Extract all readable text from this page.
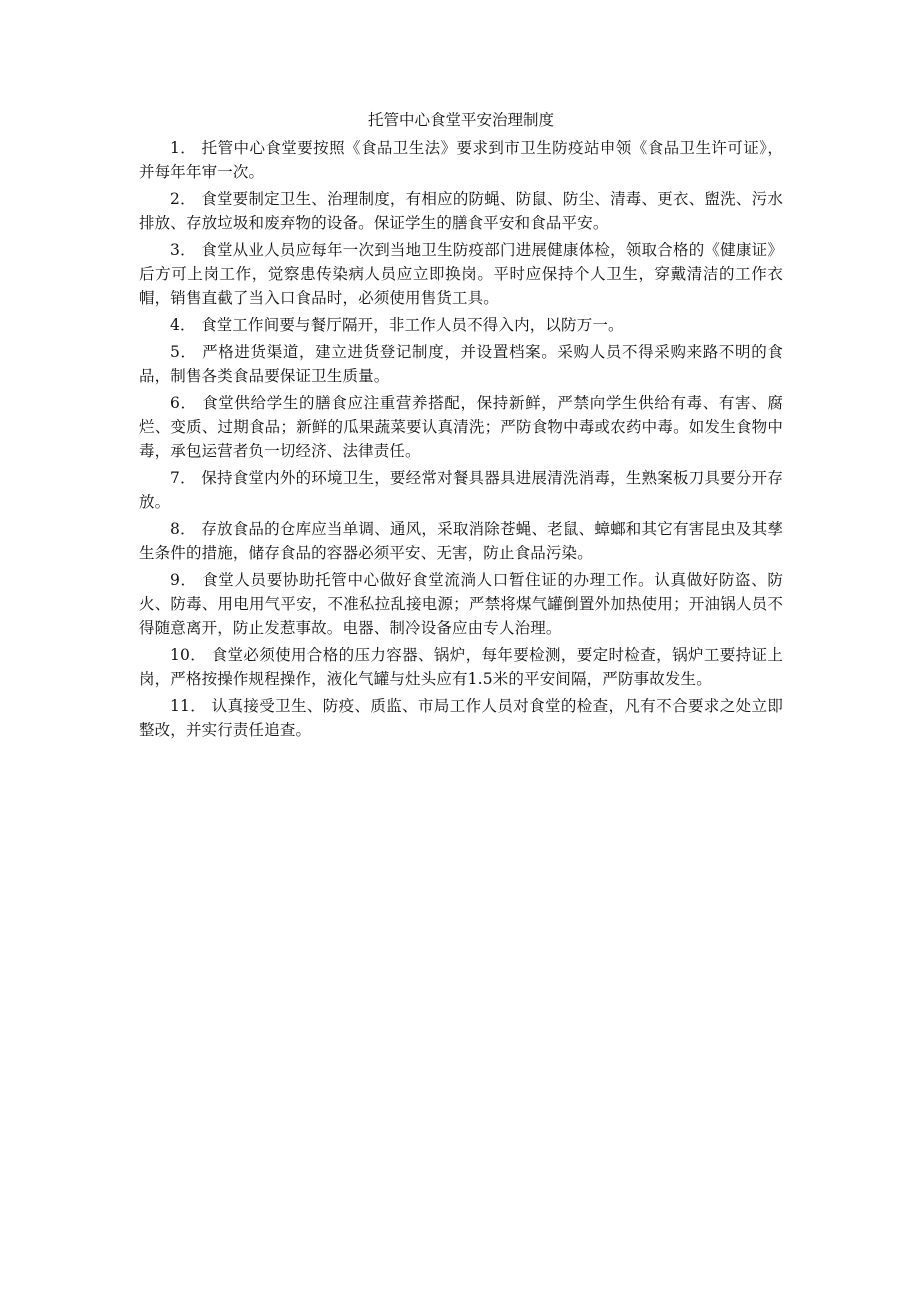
托管中心食堂平安治理制度

1． 托管中心食堂要按照《食品卫生法》要求到市卫生防疫站申领《食品卫生许可证》，并每年年审一次。

2． 食堂要制定卫生、治理制度，有相应的防蝇、防鼠、防尘、清毒、更衣、盥洗、污水排放、存放垃圾和废弃物的设备。保证学生的膳食平安和食品平安。

3． 食堂从业人员应每年一次到当地卫生防疫部门进展健康体检，领取合格的《健康证》后方可上岗工作，觉察患传染病人员应立即换岗。平时应保持个人卫生，穿戴清洁的工作衣帽，销售直截了当入口食品时，必须使用售货工具。

4． 食堂工作间要与餐厅隔开，非工作人员不得入内，以防万一。

5． 严格进货渠道，建立进货登记制度，并设置档案。采购人员不得采购来路不明的食品，制售各类食品要保证卫生质量。

6． 食堂供给学生的膳食应注重营养搭配，保持新鲜，严禁向学生供给有毒、有害、腐烂、变质、过期食品；新鲜的瓜果蔬菜要认真清洗；严防食物中毒或农药中毒。如发生食物中毒，承包运营者负一切经济、法律责任。

7． 保持食堂内外的环境卫生，要经常对餐具器具进展清洗消毒，生熟案板刀具要分开存放。

8． 存放食品的仓库应当单调、通风，采取消除苍蝇、老鼠、蟑螂和其它有害昆虫及其孳生条件的措施，储存食品的容器必须平安、无害，防止食品污染。

9． 食堂人员要协助托管中心做好食堂流淌人口暂住证的办理工作。认真做好防盗、防火、防毒、用电用气平安，不准私拉乱接电源；严禁将煤气罐倒置外加热使用；开油锅人员不得随意离开，防止发惹事故。电器、制冷设备应由专人治理。

10． 食堂必须使用合格的压力容器、锅炉，每年要检测，要定时检查，锅炉工要持证上岗，严格按操作规程操作，液化气罐与灶头应有1.5米的平安间隔，严防事故发生。

11． 认真接受卫生、防疫、质监、市局工作人员对食堂的检查，凡有不合要求之处立即整改，并实行责任追查。
